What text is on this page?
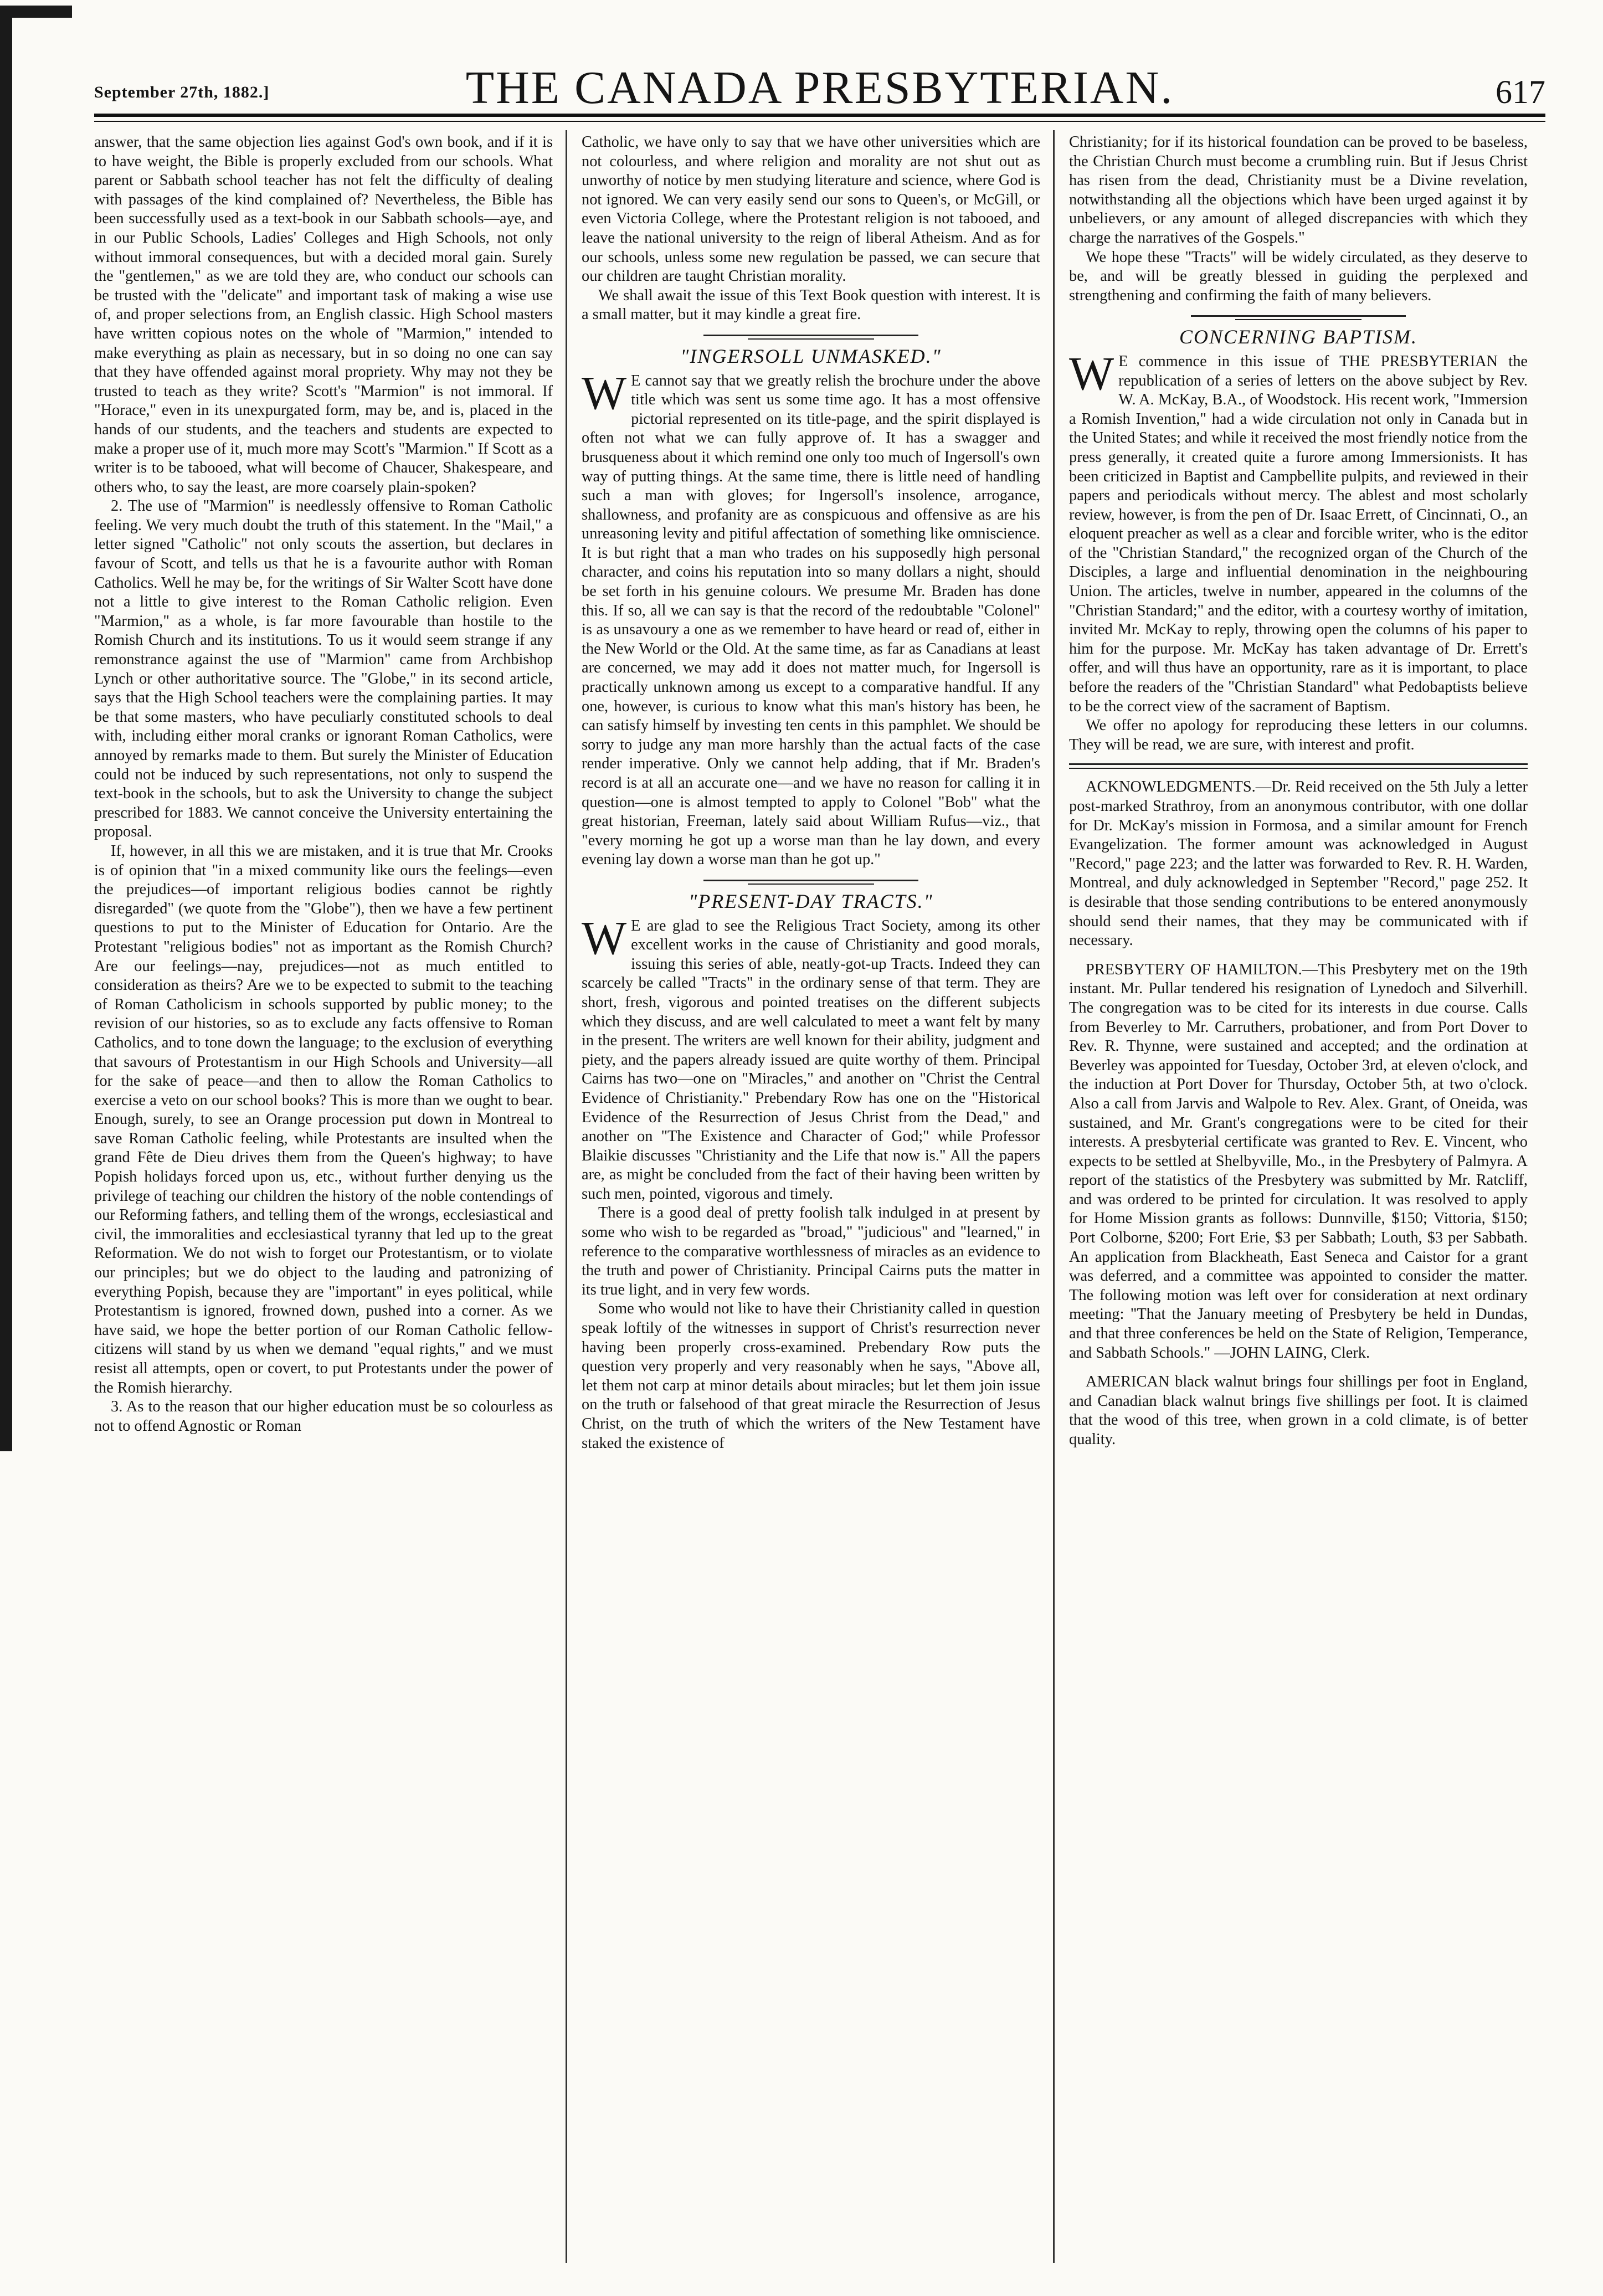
September 27th, 1882.]	THE CANADA PRESBYTERIAN.	617

answer, that the same objection lies against God's own book, and if it is to have weight, the Bible is properly excluded from our schools. What parent or Sabbath school teacher has not felt the difficulty of dealing with passages of the kind complained of? Nevertheless, the Bible has been successfully used as a text-book in our Sabbath schools—aye, and in our Public Schools, Ladies' Colleges and High Schools, not only without immoral consequences, but with a decided moral gain. Surely the "gentlemen," as we are told they are, who conduct our schools can be trusted with the "delicate" and important task of making a wise use of, and proper selections from, an English classic. High School masters have written copious notes on the whole of "Marmion," intended to make everything as plain as necessary, but in so doing no one can say that they have offended against moral propriety. Why may not they be trusted to teach as they write? Scott's "Marmion" is not immoral. If "Horace," even in its unexpurgated form, may be, and is, placed in the hands of our students, and the teachers and students are expected to make a proper use of it, much more may Scott's "Marmion." If Scott as a writer is to be tabooed, what will become of Chaucer, Shakespeare, and others who, to say the least, are more coarsely plain-spoken?

2. The use of "Marmion" is needlessly offensive to Roman Catholic feeling. We very much doubt the truth of this statement. In the "Mail," a letter signed "Catholic" not only scouts the assertion, but declares in favour of Scott, and tells us that he is a favourite author with Roman Catholics. Well he may be, for the writings of Sir Walter Scott have done not a little to give interest to the Roman Catholic religion. Even "Marmion," as a whole, is far more favourable than hostile to the Romish Church and its institutions. To us it would seem strange if any remonstrance against the use of "Marmion" came from Archbishop Lynch or other authoritative source. The "Globe," in its second article, says that the High School teachers were the complaining parties. It may be that some masters, who have peculiarly constituted schools to deal with, including either moral cranks or ignorant Roman Catholics, were annoyed by remarks made to them. But surely the Minister of Education could not be induced by such representations, not only to suspend the text-book in the schools, but to ask the University to change the subject prescribed for 1883. We cannot conceive the University entertaining the proposal.

If, however, in all this we are mistaken, and it is true that Mr. Crooks is of opinion that "in a mixed community like ours the feelings—even the prejudices—of important religious bodies cannot be rightly disregarded" (we quote from the "Globe"), then we have a few pertinent questions to put to the Minister of Education for Ontario. Are the Protestant "religious bodies" not as important as the Romish Church? Are our feelings—nay, prejudices—not as much entitled to consideration as theirs? Are we to be expected to submit to the teaching of Roman Catholicism in schools supported by public money; to the revision of our histories, so as to exclude any facts offensive to Roman Catholics, and to tone down the language; to the exclusion of everything that savours of Protestantism in our High Schools and University—all for the sake of peace—and then to allow the Roman Catholics to exercise a veto on our school books? This is more than we ought to bear. Enough, surely, to see an Orange procession put down in Montreal to save Roman Catholic feeling, while Protestants are insulted when the grand Fête de Dieu drives them from the Queen's highway; to have Popish holidays forced upon us, etc., without further denying us the privilege of teaching our children the history of the noble contendings of our Reforming fathers, and telling them of the wrongs, ecclesiastical and civil, the immoralities and ecclesiastical tyranny that led up to the great Reformation. We do not wish to forget our Protestantism, or to violate our principles; but we do object to the lauding and patronizing of everything Popish, because they are "important" in eyes political, while Protestantism is ignored, frowned down, pushed into a corner. As we have said, we hope the better portion of our Roman Catholic fellow-citizens will stand by us when we demand "equal rights," and we must resist all attempts, open or covert, to put Protestants under the power of the Romish hierarchy.

3. As to the reason that our higher education must be so colourless as not to offend Agnostic or Roman

Catholic, we have only to say that we have other universities which are not colourless, and where religion and morality are not shut out as unworthy of notice by men studying literature and science, where God is not ignored. We can very easily send our sons to Queen's, or McGill, or even Victoria College, where the Protestant religion is not tabooed, and leave the national university to the reign of liberal Atheism. And as for our schools, unless some new regulation be passed, we can secure that our children are taught Christian morality.

We shall await the issue of this Text Book question with interest. It is a small matter, but it may kindle a great fire.

"INGERSOLL UNMASKED."

W E cannot say that we greatly relish the brochure under the above title which was sent us some time ago. It has a most offensive pictorial represented on its title-page, and the spirit displayed is often not what we can fully approve of. It has a swagger and brusqueness about it which remind one only too much of Ingersoll's own way of putting things. At the same time, there is little need of handling such a man with gloves; for Ingersoll's insolence, arrogance, shallowness, and profanity are as conspicuous and offensive as are his unreasoning levity and pitiful affectation of something like omniscience. It is but right that a man who trades on his supposedly high personal character, and coins his reputation into so many dollars a night, should be set forth in his genuine colours. We presume Mr. Braden has done this. If so, all we can say is that the record of the redoubtable "Colonel" is as unsavoury a one as we remember to have heard or read of, either in the New World or the Old. At the same time, as far as Canadians at least are concerned, we may add it does not matter much, for Ingersoll is practically unknown among us except to a comparative handful. If any one, however, is curious to know what this man's history has been, he can satisfy himself by investing ten cents in this pamphlet. We should be sorry to judge any man more harshly than the actual facts of the case render imperative. Only we cannot help adding, that if Mr. Braden's record is at all an accurate one—and we have no reason for calling it in question—one is almost tempted to apply to Colonel "Bob" what the great historian, Freeman, lately said about William Rufus—viz., that "every morning he got up a worse man than he lay down, and every evening lay down a worse man than he got up."

"PRESENT-DAY TRACTS."

W E are glad to see the Religious Tract Society, among its other excellent works in the cause of Christianity and good morals, issuing this series of able, neatly-got-up Tracts. Indeed they can scarcely be called "Tracts" in the ordinary sense of that term. They are short, fresh, vigorous and pointed treatises on the different subjects which they discuss, and are well calculated to meet a want felt by many in the present. The writers are well known for their ability, judgment and piety, and the papers already issued are quite worthy of them. Principal Cairns has two—one on "Miracles," and another on "Christ the Central Evidence of Christianity." Prebendary Row has one on the "Historical Evidence of the Resurrection of Jesus Christ from the Dead," and another on "The Existence and Character of God;" while Professor Blaikie discusses "Christianity and the Life that now is." All the papers are, as might be concluded from the fact of their having been written by such men, pointed, vigorous and timely.

There is a good deal of pretty foolish talk indulged in at present by some who wish to be regarded as "broad," "judicious" and "learned," in reference to the comparative worthlessness of miracles as an evidence to the truth and power of Christianity. Principal Cairns puts the matter in its true light, and in very few words.

Some who would not like to have their Christianity called in question speak loftily of the witnesses in support of Christ's resurrection never having been properly cross-examined. Prebendary Row puts the question very properly and very reasonably when he says, "Above all, let them not carp at minor details about miracles; but let them join issue on the truth or falsehood of that great miracle the Resurrection of Jesus Christ, on the truth of which the writers of the New Testament have staked the existence of

Christianity; for if its historical foundation can be proved to be baseless, the Christian Church must become a crumbling ruin. But if Jesus Christ has risen from the dead, Christianity must be a Divine revelation, notwithstanding all the objections which have been urged against it by unbelievers, or any amount of alleged discrepancies with which they charge the narratives of the Gospels."

We hope these "Tracts" will be widely circulated, as they deserve to be, and will be greatly blessed in guiding the perplexed and strengthening and confirming the faith of many believers.

CONCERNING BAPTISM.

W E commence in this issue of THE PRESBYTERIAN the republication of a series of letters on the above subject by Rev. W. A. McKay, B.A., of Woodstock. His recent work, "Immersion a Romish Invention," had a wide circulation not only in Canada but in the United States; and while it received the most friendly notice from the press generally, it created quite a furore among Immersionists. It has been criticized in Baptist and Campbellite pulpits, and reviewed in their papers and periodicals without mercy. The ablest and most scholarly review, however, is from the pen of Dr. Isaac Errett, of Cincinnati, O., an eloquent preacher as well as a clear and forcible writer, who is the editor of the "Christian Standard," the recognized organ of the Church of the Disciples, a large and influential denomination in the neighbouring Union. The articles, twelve in number, appeared in the columns of the "Christian Standard;" and the editor, with a courtesy worthy of imitation, invited Mr. McKay to reply, throwing open the columns of his paper to him for the purpose. Mr. McKay has taken advantage of Dr. Errett's offer, and will thus have an opportunity, rare as it is important, to place before the readers of the "Christian Standard" what Pedobaptists believe to be the correct view of the sacrament of Baptism.

We offer no apology for reproducing these letters in our columns. They will be read, we are sure, with interest and profit.

ACKNOWLEDGMENTS.—Dr. Reid received on the 5th July a letter post-marked Strathroy, from an anonymous contributor, with one dollar for Dr. McKay's mission in Formosa, and a similar amount for French Evangelization. The former amount was acknowledged in August "Record," page 223; and the latter was forwarded to Rev. R. H. Warden, Montreal, and duly acknowledged in September "Record," page 252. It is desirable that those sending contributions to be entered anonymously should send their names, that they may be communicated with if necessary.

PRESBYTERY OF HAMILTON.—This Presbytery met on the 19th instant. Mr. Pullar tendered his resignation of Lynedoch and Silverhill. The congregation was to be cited for its interests in due course. Calls from Beverley to Mr. Carruthers, probationer, and from Port Dover to Rev. R. Thynne, were sustained and accepted; and the ordination at Beverley was appointed for Tuesday, October 3rd, at eleven o'clock, and the induction at Port Dover for Thursday, October 5th, at two o'clock. Also a call from Jarvis and Walpole to Rev. Alex. Grant, of Oneida, was sustained, and Mr. Grant's congregations were to be cited for their interests. A presbyterial certificate was granted to Rev. E. Vincent, who expects to be settled at Shelbyville, Mo., in the Presbytery of Palmyra. A report of the statistics of the Presbytery was submitted by Mr. Ratcliff, and was ordered to be printed for circulation. It was resolved to apply for Home Mission grants as follows: Dunnville, $150; Vittoria, $150; Port Colborne, $200; Fort Erie, $3 per Sabbath; Louth, $3 per Sabbath. An application from Blackheath, East Seneca and Caistor for a grant was deferred, and a committee was appointed to consider the matter. The following motion was left over for consideration at next ordinary meeting: "That the January meeting of Presbytery be held in Dundas, and that three conferences be held on the State of Religion, Temperance, and Sabbath Schools." —JOHN LAING, Clerk.

AMERICAN black walnut brings four shillings per foot in England, and Canadian black walnut brings five shillings per foot. It is claimed that the wood of this tree, when grown in a cold climate, is of better quality.
